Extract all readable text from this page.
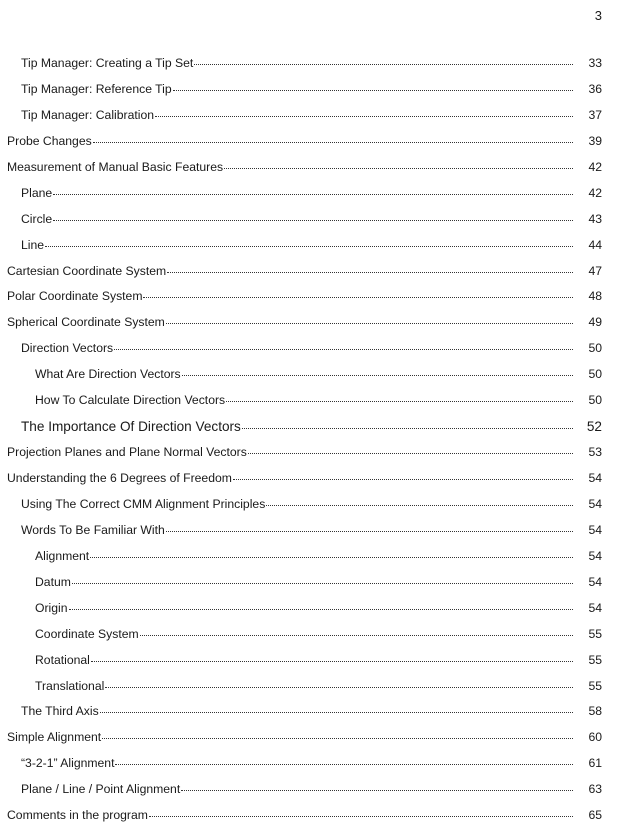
3
Tip Manager: Creating a Tip Set	33
Tip Manager: Reference Tip	36
Tip Manager: Calibration	37
Probe Changes	39
Measurement of Manual Basic Features	42
Plane	42
Circle	43
Line	44
Cartesian Coordinate System	47
Polar Coordinate System	48
Spherical Coordinate System	49
Direction Vectors	50
What Are Direction Vectors	50
How To Calculate Direction Vectors	50
The Importance Of Direction Vectors	52
Projection Planes and Plane Normal Vectors	53
Understanding the 6 Degrees of Freedom	54
Using The Correct CMM Alignment Principles	54
Words To Be Familiar With	54
Alignment	54
Datum	54
Origin	54
Coordinate System	55
Rotational	55
Translational	55
The Third Axis	58
Simple Alignment	60
“3-2-1” Alignment	61
Plane / Line / Point Alignment	63
Comments in the program	65
